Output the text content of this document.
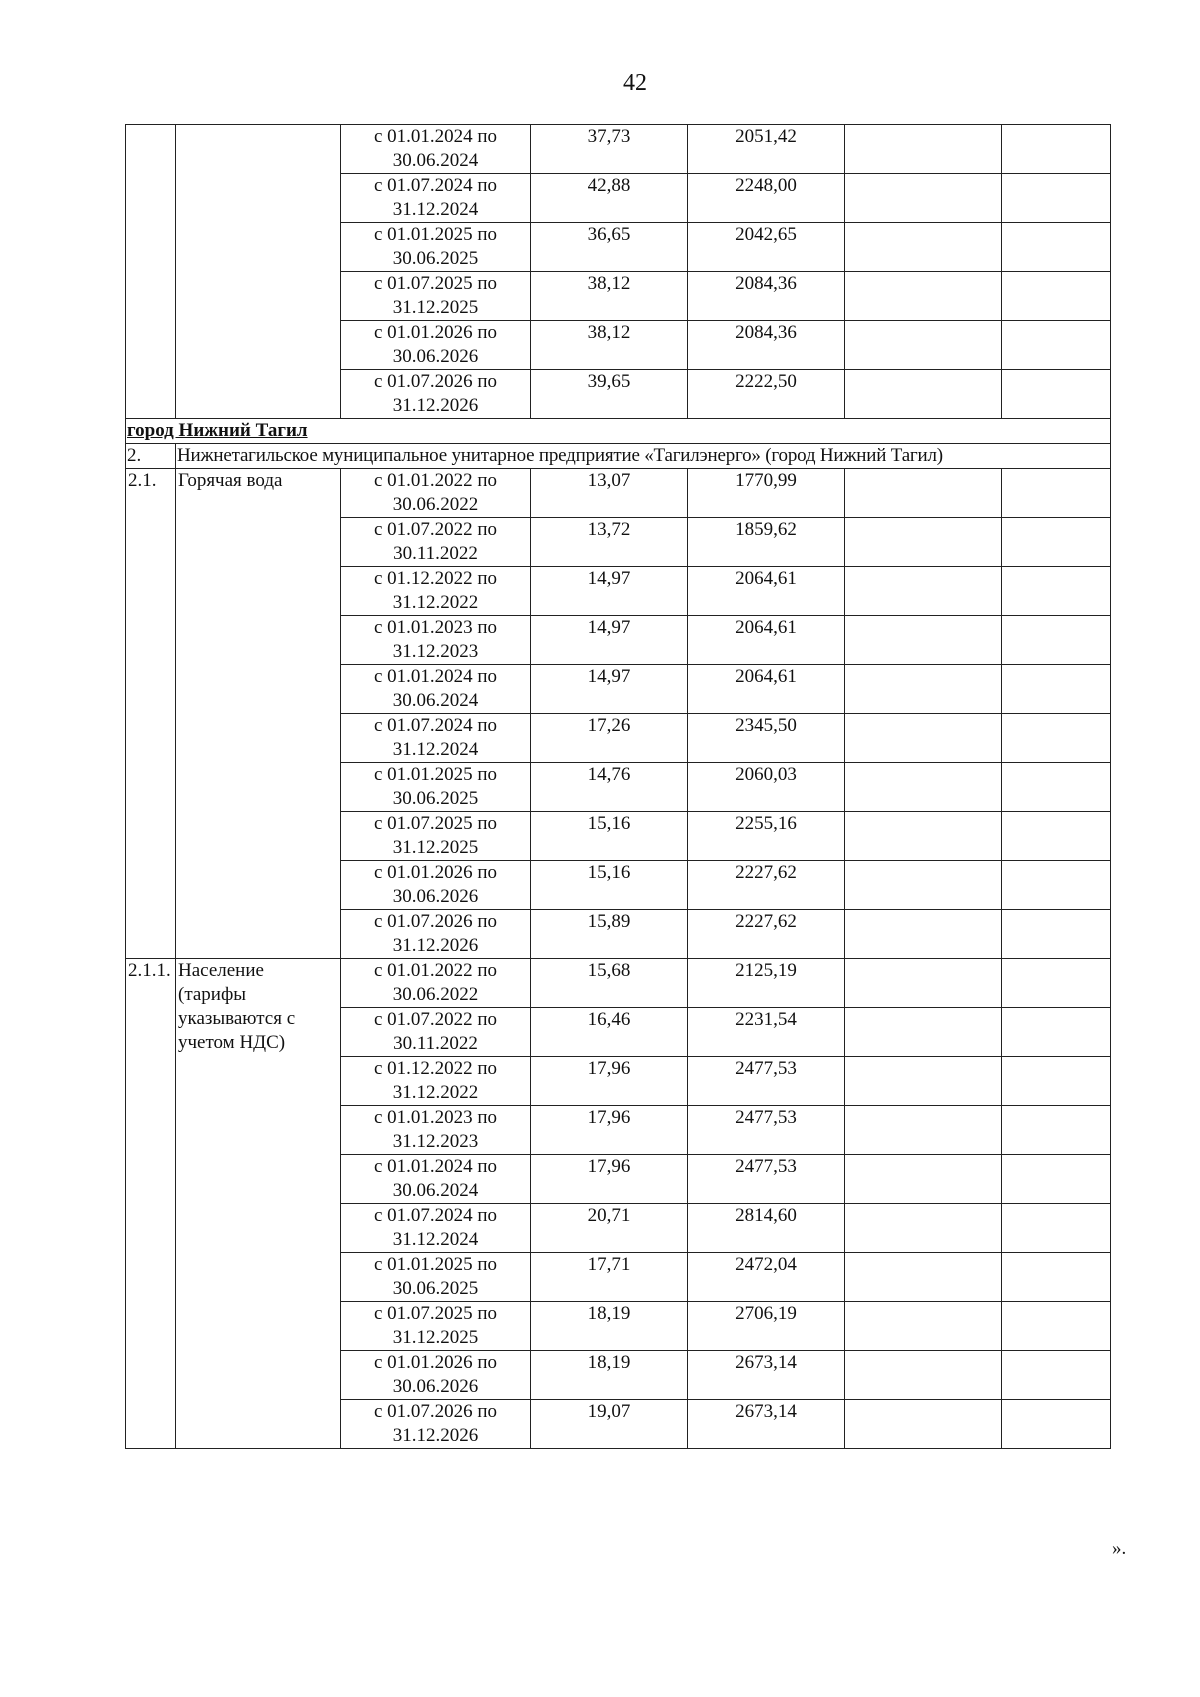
42
		с 01.01.2024 по
30.06.2024	37,73	2051,42		
		с 01.07.2024 по
31.12.2024	42,88	2248,00		
		с 01.01.2025 по
30.06.2025	36,65	2042,65		
		с 01.07.2025 по
31.12.2025	38,12	2084,36		
		с 01.01.2026 по
30.06.2026	38,12	2084,36		
		с 01.07.2026 по
31.12.2026	39,65	2222,50		
город Нижний Тагил						
2.	Нижнетагильское муниципальное унитарное предприятие «Тагилэнерго» (город Нижний Тагил)					
2.1.	Горячая вода	с 01.01.2022 по
30.06.2022	13,07	1770,99		
		с 01.07.2022 по
30.11.2022	13,72	1859,62		
		с 01.12.2022 по
31.12.2022	14,97	2064,61		
		с 01.01.2023 по
31.12.2023	14,97	2064,61		
		с 01.01.2024 по
30.06.2024	14,97	2064,61		
		с 01.07.2024 по
31.12.2024	17,26	2345,50		
		с 01.01.2025 по
30.06.2025	14,76	2060,03		
		с 01.07.2025 по
31.12.2025	15,16	2255,16		
		с 01.01.2026 по
30.06.2026	15,16	2227,62		
		с 01.07.2026 по
31.12.2026	15,89	2227,62		
2.1.1.	Население
(тарифы
указываются с
учетом НДС)	с 01.01.2022 по
30.06.2022	15,68	2125,19		
		с 01.07.2022 по
30.11.2022	16,46	2231,54		
		с 01.12.2022 по
31.12.2022	17,96	2477,53		
		с 01.01.2023 по
31.12.2023	17,96	2477,53		
		с 01.01.2024 по
30.06.2024	17,96	2477,53		
		с 01.07.2024 по
31.12.2024	20,71	2814,60		
		с 01.01.2025 по
30.06.2025	17,71	2472,04		
		с 01.07.2025 по
31.12.2025	18,19	2706,19		
		с 01.01.2026 по
30.06.2026	18,19	2673,14		
		с 01.07.2026 по
31.12.2026	19,07	2673,14		
».
